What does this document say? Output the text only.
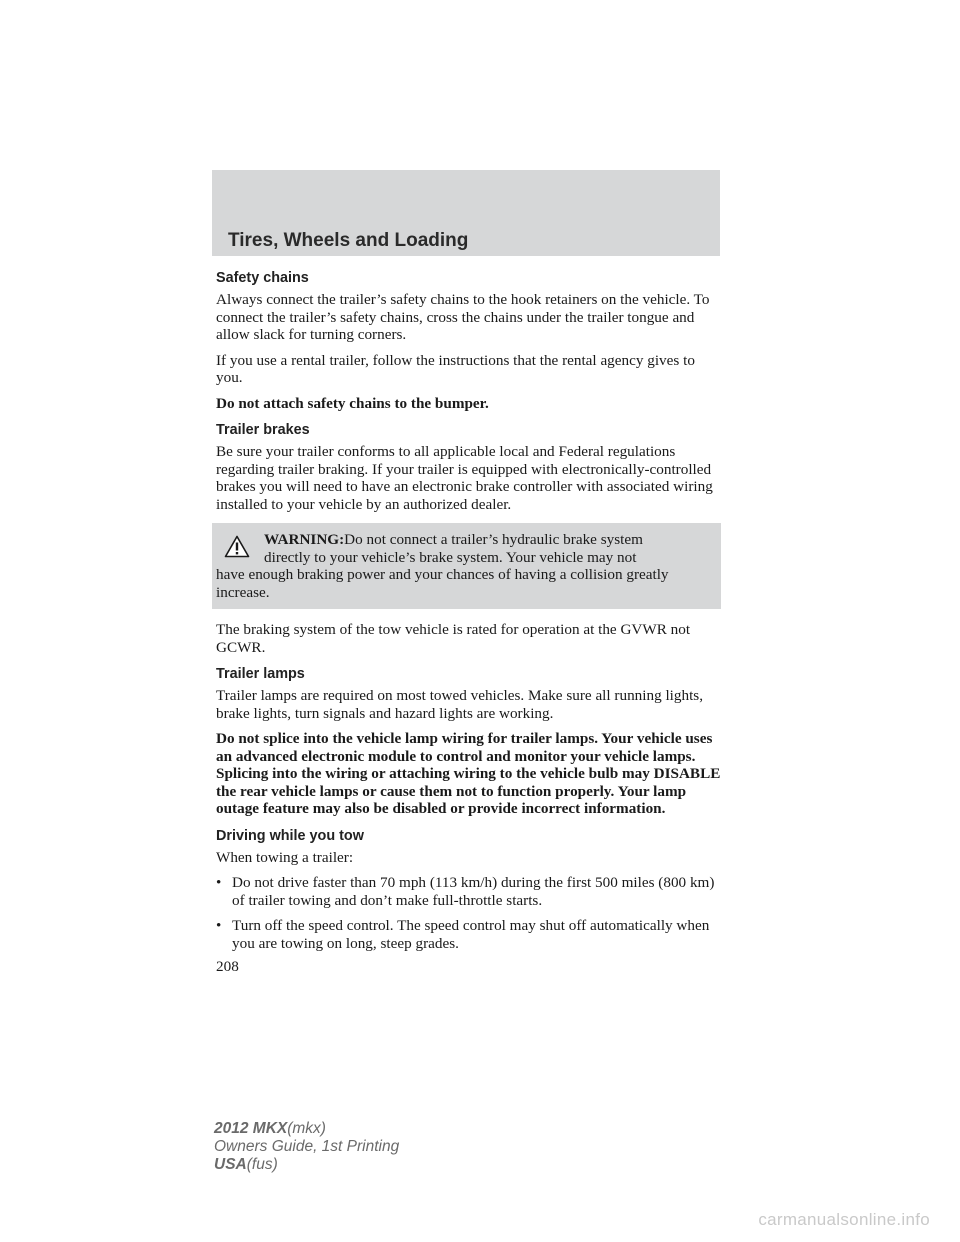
Tires, Wheels and Loading
Safety chains

Always connect the trailer’s safety chains to the hook retainers on the vehicle. To connect the trailer’s safety chains, cross the chains under the trailer tongue and allow slack for turning corners.

If you use a rental trailer, follow the instructions that the rental agency gives to you.

Do not attach safety chains to the bumper.

Trailer brakes

Be sure your trailer conforms to all applicable local and Federal regulations regarding trailer braking. If your trailer is equipped with electronically-controlled brakes you will need to have an electronic brake controller with associated wiring installed to your vehicle by an authorized dealer.

WARNING:Do not connect a trailer’s hydraulic brake system
directly to your vehicle’s brake system. Your vehicle may not
have enough braking power and your chances of having a collision greatly increase.

The braking system of the tow vehicle is rated for operation at the GVWR not GCWR.

Trailer lamps

Trailer lamps are required on most towed vehicles. Make sure all running lights, brake lights, turn signals and hazard lights are working.

Do not splice into the vehicle lamp wiring for trailer lamps. Your vehicle uses an advanced electronic module to control and monitor your vehicle lamps. Splicing into the wiring or attaching wiring to the vehicle bulb may DISABLE the rear vehicle lamps or cause them not to function properly. Your lamp outage feature may also be disabled or provide incorrect information.

Driving while you tow

When towing a trailer:

• Do not drive faster than 70 mph (113 km/h) during the first 500 miles (800 km) of trailer towing and don’t make full-throttle starts.
• Turn off the speed control. The speed control may shut off automatically when you are towing on long, steep grades.
208
2012 MKX(mkx)
Owners Guide, 1st Printing
USA(fus)
carmanualsonline.info
